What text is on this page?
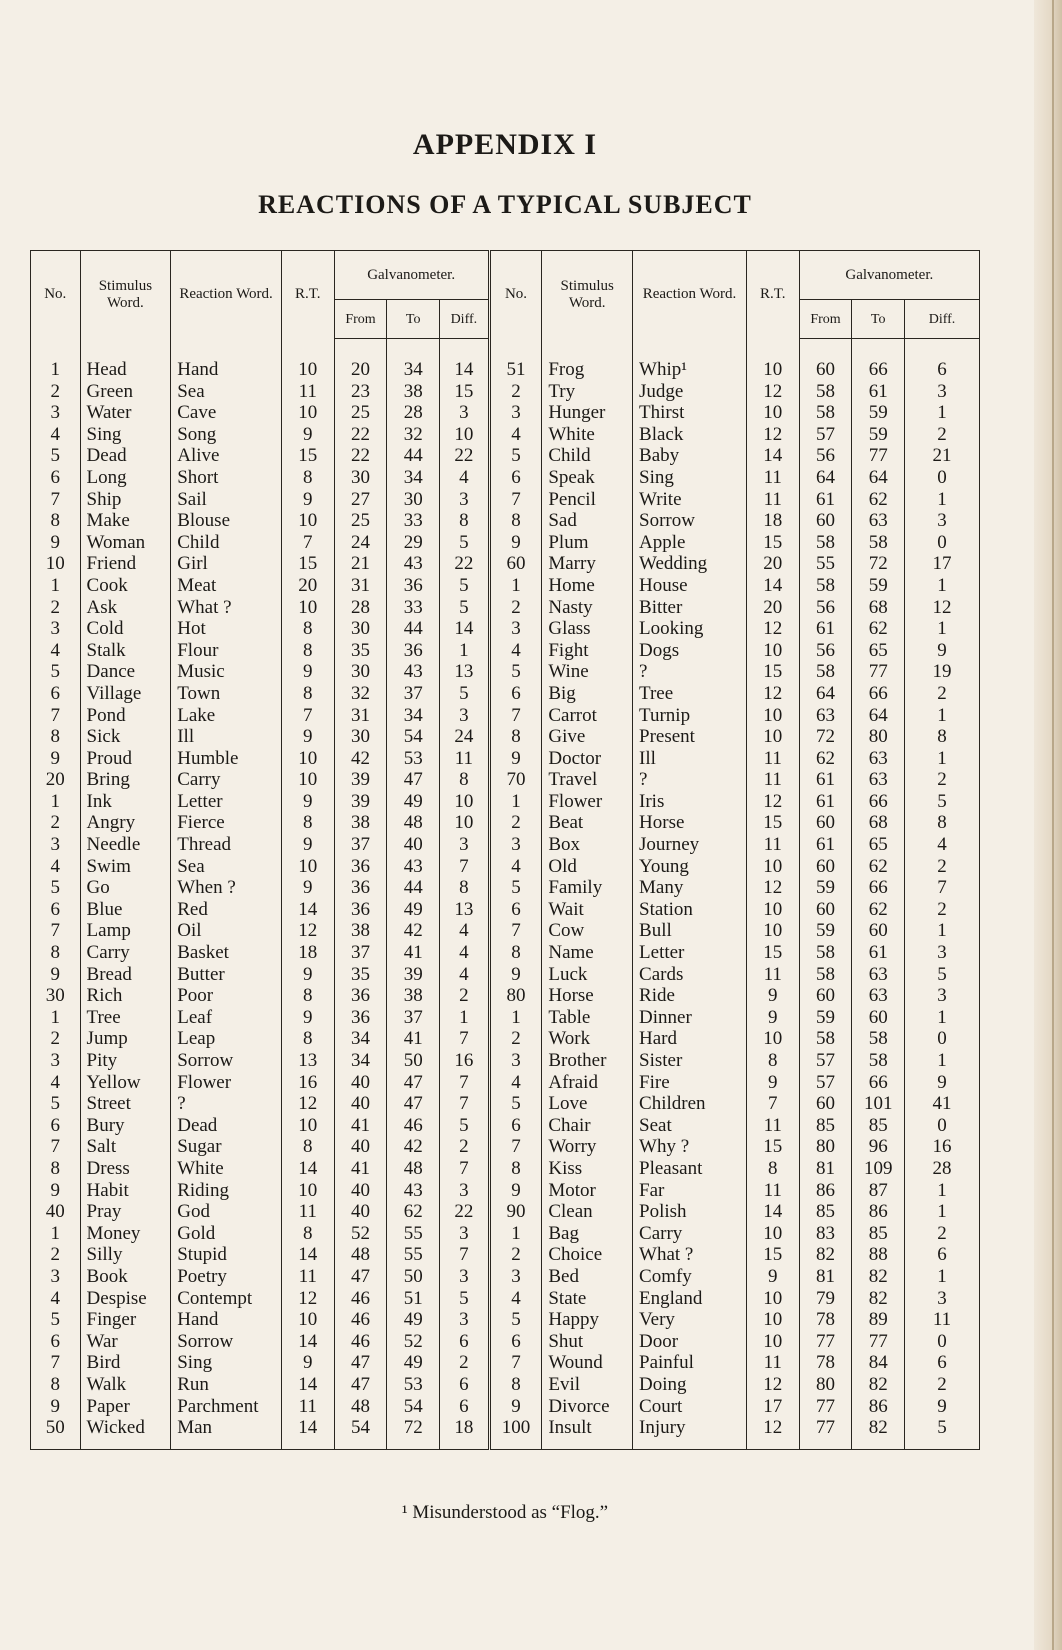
APPENDIX I
REACTIONS OF A TYPICAL SUBJECT
No.	Stimulus Word.	Reaction Word.	R.T.	Galvanometer.			No.	Stimulus Word.	Reaction Word.	R.T.	Galvanometer.		
				From	To	Diff.					From	To	Diff.

1	Head	Hand	10	20	34	14	51	Frog	Whip¹	10	60	66	6
2	Green	Sea	11	23	38	15	2	Try	Judge	12	58	61	3
3	Water	Cave	10	25	28	3	3	Hunger	Thirst	10	58	59	1
4	Sing	Song	9	22	32	10	4	White	Black	12	57	59	2
5	Dead	Alive	15	22	44	22	5	Child	Baby	14	56	77	21
6	Long	Short	8	30	34	4	6	Speak	Sing	11	64	64	0
7	Ship	Sail	9	27	30	3	7	Pencil	Write	11	61	62	1
8	Make	Blouse	10	25	33	8	8	Sad	Sorrow	18	60	63	3
9	Woman	Child	7	24	29	5	9	Plum	Apple	15	58	58	0
10	Friend	Girl	15	21	43	22	60	Marry	Wedding	20	55	72	17
1	Cook	Meat	20	31	36	5	1	Home	House	14	58	59	1
2	Ask	What ?	10	28	33	5	2	Nasty	Bitter	20	56	68	12
3	Cold	Hot	8	30	44	14	3	Glass	Looking	12	61	62	1
4	Stalk	Flour	8	35	36	1	4	Fight	Dogs	10	56	65	9
5	Dance	Music	9	30	43	13	5	Wine	?	15	58	77	19
6	Village	Town	8	32	37	5	6	Big	Tree	12	64	66	2
7	Pond	Lake	7	31	34	3	7	Carrot	Turnip	10	63	64	1
8	Sick	Ill	9	30	54	24	8	Give	Present	10	72	80	8
9	Proud	Humble	10	42	53	11	9	Doctor	Ill	11	62	63	1
20	Bring	Carry	10	39	47	8	70	Travel	?	11	61	63	2
1	Ink	Letter	9	39	49	10	1	Flower	Iris	12	61	66	5
2	Angry	Fierce	8	38	48	10	2	Beat	Horse	15	60	68	8
3	Needle	Thread	9	37	40	3	3	Box	Journey	11	61	65	4
4	Swim	Sea	10	36	43	7	4	Old	Young	10	60	62	2
5	Go	When ?	9	36	44	8	5	Family	Many	12	59	66	7
6	Blue	Red	14	36	49	13	6	Wait	Station	10	60	62	2
7	Lamp	Oil	12	38	42	4	7	Cow	Bull	10	59	60	1
8	Carry	Basket	18	37	41	4	8	Name	Letter	15	58	61	3
9	Bread	Butter	9	35	39	4	9	Luck	Cards	11	58	63	5
30	Rich	Poor	8	36	38	2	80	Horse	Ride	9	60	63	3
1	Tree	Leaf	9	36	37	1	1	Table	Dinner	9	59	60	1
2	Jump	Leap	8	34	41	7	2	Work	Hard	10	58	58	0
3	Pity	Sorrow	13	34	50	16	3	Brother	Sister	8	57	58	1
4	Yellow	Flower	16	40	47	7	4	Afraid	Fire	9	57	66	9
5	Street	?	12	40	47	7	5	Love	Children	7	60	101	41
6	Bury	Dead	10	41	46	5	6	Chair	Seat	11	85	85	0
7	Salt	Sugar	8	40	42	2	7	Worry	Why ?	15	80	96	16
8	Dress	White	14	41	48	7	8	Kiss	Pleasant	8	81	109	28
9	Habit	Riding	10	40	43	3	9	Motor	Far	11	86	87	1
40	Pray	God	11	40	62	22	90	Clean	Polish	14	85	86	1
1	Money	Gold	8	52	55	3	1	Bag	Carry	10	83	85	2
2	Silly	Stupid	14	48	55	7	2	Choice	What ?	15	82	88	6
3	Book	Poetry	11	47	50	3	3	Bed	Comfy	9	81	82	1
4	Despise	Contempt	12	46	51	5	4	State	England	10	79	82	3
5	Finger	Hand	10	46	49	3	5	Happy	Very	10	78	89	11
6	War	Sorrow	14	46	52	6	6	Shut	Door	10	77	77	0
7	Bird	Sing	9	47	49	2	7	Wound	Painful	11	78	84	6
8	Walk	Run	14	47	53	6	8	Evil	Doing	12	80	82	2
9	Paper	Parchment	11	48	54	6	9	Divorce	Court	17	77	86	9
50	Wicked	Man	14	54	72	18	100	Insult	Injury	12	77	82	5
¹ Misunderstood as “Flog.”
